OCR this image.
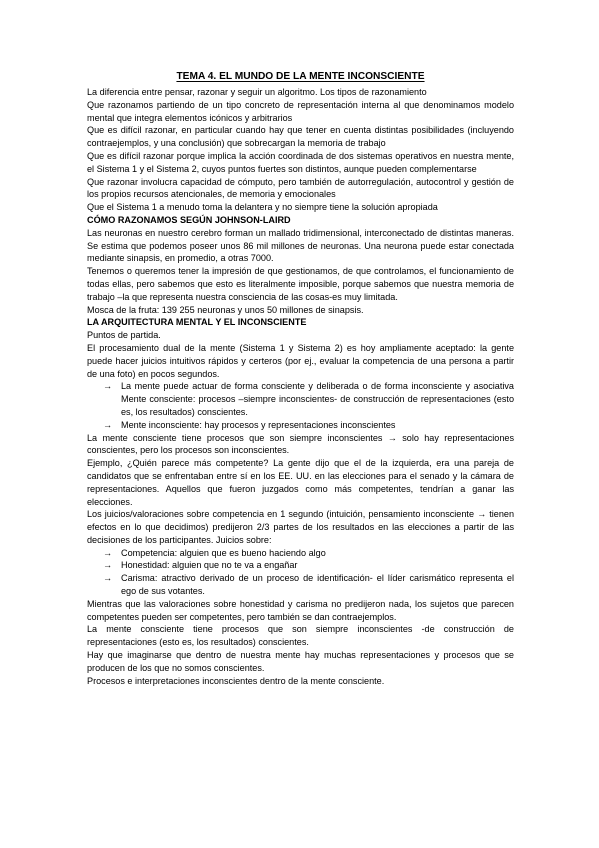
TEMA 4. EL MUNDO DE LA MENTE INCONSCIENTE

La diferencia entre pensar, razonar y seguir un algoritmo. Los tipos de razonamiento

Que razonamos partiendo de un tipo concreto de representación interna al que denominamos modelo mental que integra elementos icónicos y arbitrarios

Que es difícil razonar, en particular cuando hay que tener en cuenta distintas posibilidades (incluyendo contraejemplos, y una conclusión) que sobrecargan la memoria de trabajo

Que es difícil razonar porque implica la acción coordinada de dos sistemas operativos en nuestra mente, el Sistema 1 y el Sistema 2, cuyos puntos fuertes son distintos, aunque pueden complementarse

Que razonar involucra capacidad de cómputo, pero también de autorregulación, autocontrol y gestión de los propios recursos atencionales, de memoria y emocionales

Que el Sistema 1 a menudo toma la delantera y no siempre tiene la solución apropiada

CÓMO RAZONAMOS SEGÚN JOHNSON-LAIRD

Las neuronas en nuestro cerebro forman un mallado tridimensional, interconectado de distintas maneras. Se estima que podemos poseer unos 86 mil millones de neuronas. Una neurona puede estar conectada mediante sinapsis, en promedio, a otras 7000.

Tenemos o queremos tener la impresión de que gestionamos, de que controlamos, el funcionamiento de todas ellas, pero sabemos que esto es literalmente imposible, porque sabemos que nuestra memoria de trabajo –la que representa nuestra consciencia de las cosas-es muy limitada.

Mosca de la fruta: 139 255 neuronas y unos 50 millones de sinapsis.

LA ARQUITECTURA MENTAL Y EL INCONSCIENTE

Puntos de partida.

El procesamiento dual de la mente (Sistema 1 y Sistema 2) es hoy ampliamente aceptado: la gente puede hacer juicios intuitivos rápidos y certeros (por ej., evaluar la competencia de una persona a partir de una foto) en pocos segundos.

→ La mente puede actuar de forma consciente y deliberada o de forma inconsciente y asociativa Mente consciente: procesos –siempre inconscientes- de construcción de representaciones (esto es, los resultados) conscientes.
→ Mente inconsciente: hay procesos y representaciones inconscientes

La mente consciente tiene procesos que son siempre inconscientes → solo hay representaciones conscientes, pero los procesos son inconscientes.

Ejemplo, ¿Quién parece más competente? La gente dijo que el de la izquierda, era una pareja de candidatos que se enfrentaban entre sí en los EE. UU. en las elecciones para el senado y la cámara de representaciones. Aquellos que fueron juzgados como más competentes, tendrían a ganar las elecciones.

Los juicios/valoraciones sobre competencia en 1 segundo (intuición, pensamiento inconsciente → tienen efectos en lo que decidimos) predijeron 2/3 partes de los resultados en las elecciones a partir de las decisiones de los participantes. Juicios sobre:

→ Competencia: alguien que es bueno haciendo algo
→ Honestidad: alguien que no te va a engañar
→ Carisma: atractivo derivado de un proceso de identificación- el líder carismático representa el ego de sus votantes.

Mientras que las valoraciones sobre honestidad y carisma no predijeron nada, los sujetos que parecen competentes pueden ser competentes, pero también se dan contraejemplos.

La mente consciente tiene procesos que son siempre inconscientes -de construcción de representaciones (esto es, los resultados) conscientes.

Hay que imaginarse que dentro de nuestra mente hay muchas representaciones y procesos que se producen de los que no somos conscientes.

Procesos e interpretaciones inconscientes dentro de la mente consciente.
